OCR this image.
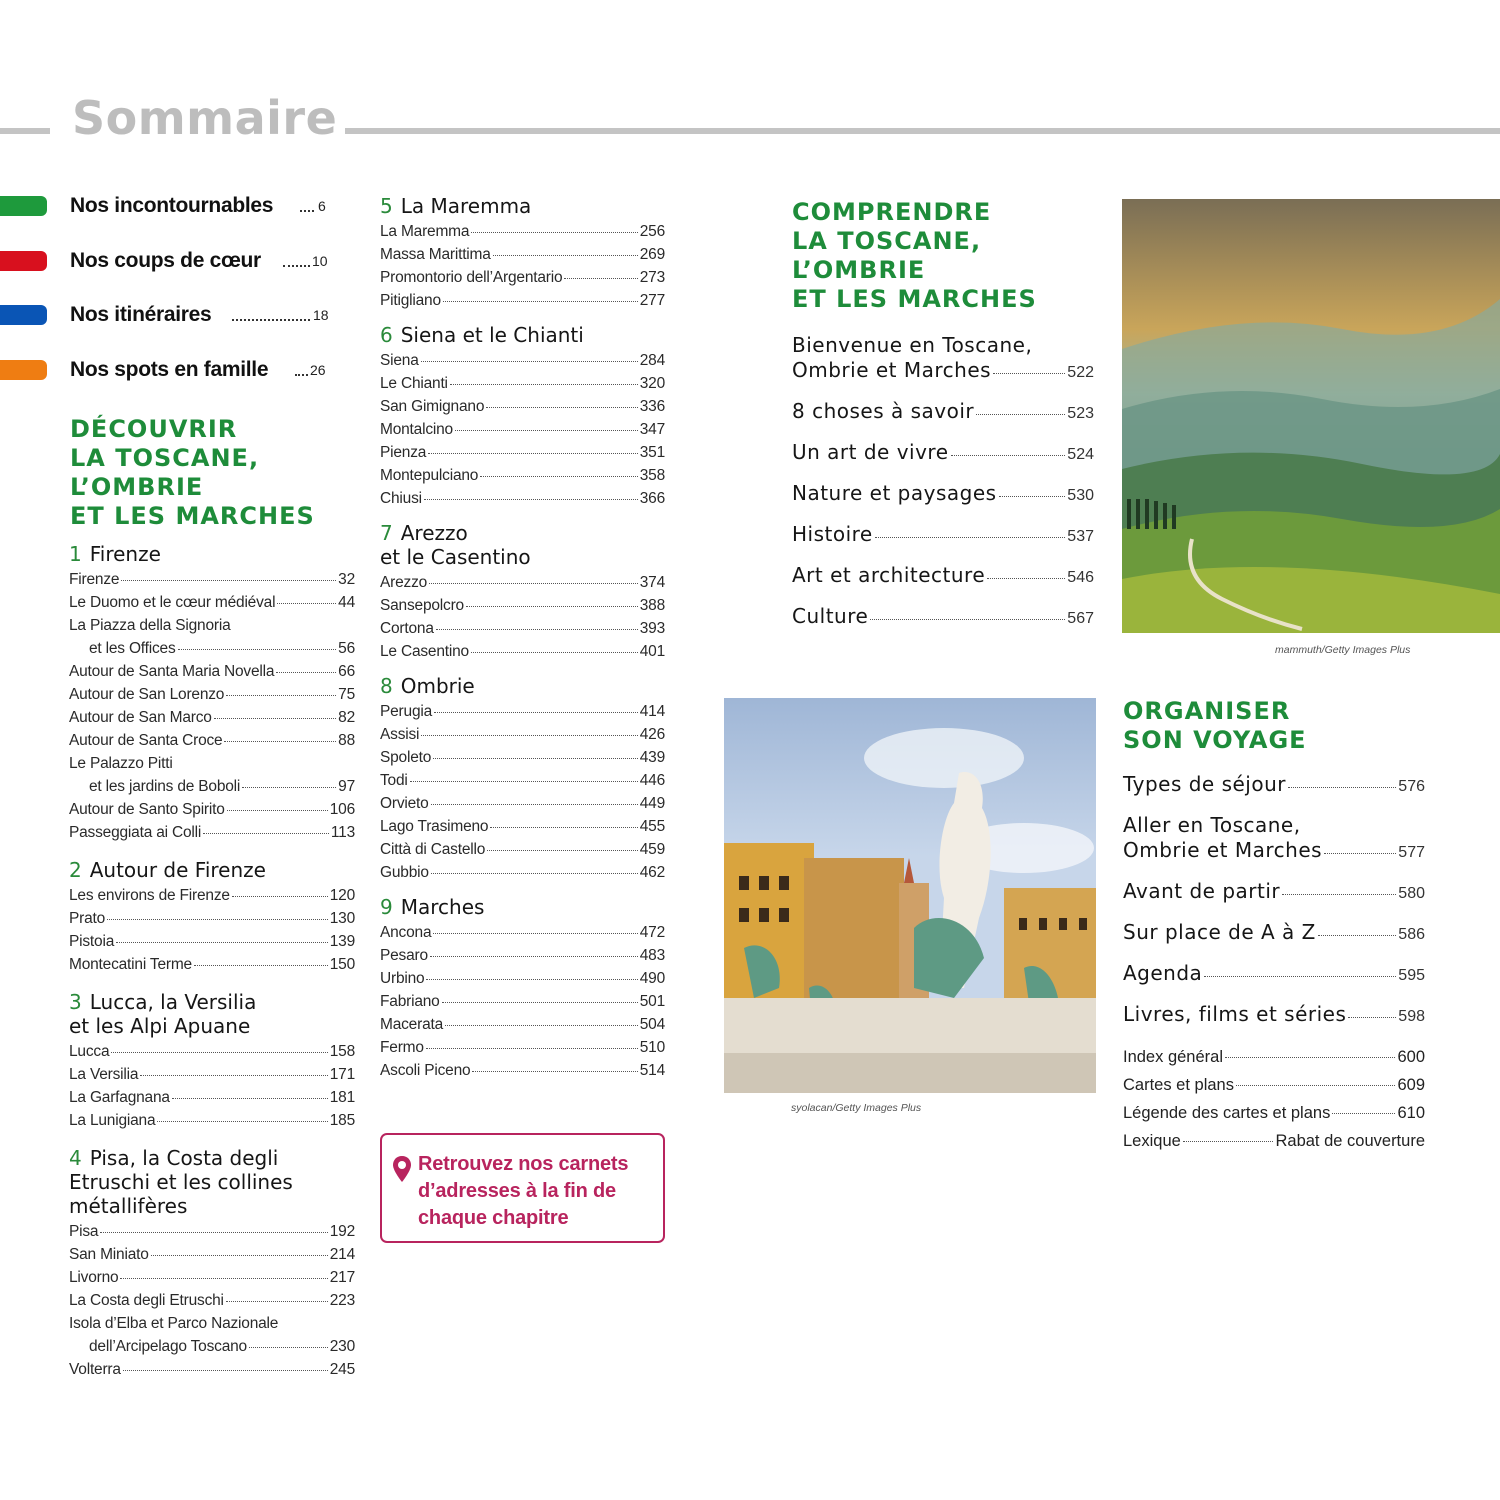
Sommaire
Nos incontournables	6
Nos coups de cœur	10
Nos itinéraires	18
Nos spots en famille	26
DÉCOUVRIR
LA TOSCANE,
L’OMBRIE
ET LES MARCHES
1 Firenze
Firenze	32
Le Duomo et le cœur médiéval	44
La Piazza della Signoria
et les Offices	56
Autour de Santa Maria Novella	66
Autour de San Lorenzo	75
Autour de San Marco	82
Autour de Santa Croce	88
Le Palazzo Pitti
et les jardins de Boboli	97
Autour de Santo Spirito	106
Passeggiata ai Colli	113
2 Autour de Firenze
Les environs de Firenze	120
Prato	130
Pistoia	139
Montecatini Terme	150
3 Lucca, la Versilia
et les Alpi Apuane
Lucca	158
La Versilia	171
La Garfagnana	181
La Lunigiana	185
4 Pisa, la Costa degli
Etruschi et les collines
métallifères
Pisa	192
San Miniato	214
Livorno	217
La Costa degli Etruschi	223
Isola d’Elba et Parco Nazionale
dell’Arcipelago Toscano	230
Volterra	245
5 La Maremma
La Maremma	256
Massa Marittima	269
Promontorio dell’Argentario	273
Pitigliano	277
6 Siena et le Chianti
Siena	284
Le Chianti	320
San Gimignano	336
Montalcino	347
Pienza	351
Montepulciano	358
Chiusi	366
7 Arezzo
et le Casentino
Arezzo	374
Sansepolcro	388
Cortona	393
Le Casentino	401
8 Ombrie
Perugia	414
Assisi	426
Spoleto	439
Todi	446
Orvieto	449
Lago Trasimeno	455
Città di Castello	459
Gubbio	462
9 Marches
Ancona	472
Pesaro	483
Urbino	490
Fabriano	501
Macerata	504
Fermo	510
Ascoli Piceno	514
Retrouvez nos carnets
d’adresses à la fin de
chaque chapitre
COMPRENDRE
LA TOSCANE,
L’OMBRIE
ET LES MARCHES
Bienvenue en Toscane,
Ombrie et Marches	522
8 choses à savoir	523
Un art de vivre	524
Nature et paysages	530
Histoire	537
Art et architecture	546
Culture	567
mammuth/Getty Images Plus
syolacan/Getty Images Plus
ORGANISER
SON VOYAGE
Types de séjour	576
Aller en Toscane,
Ombrie et Marches	577
Avant de partir	580
Sur place de A à Z	586
Agenda	595
Livres, films et séries	598
Index général	600
Cartes et plans	609
Légende des cartes et plans	610
Lexique	Rabat de couverture
